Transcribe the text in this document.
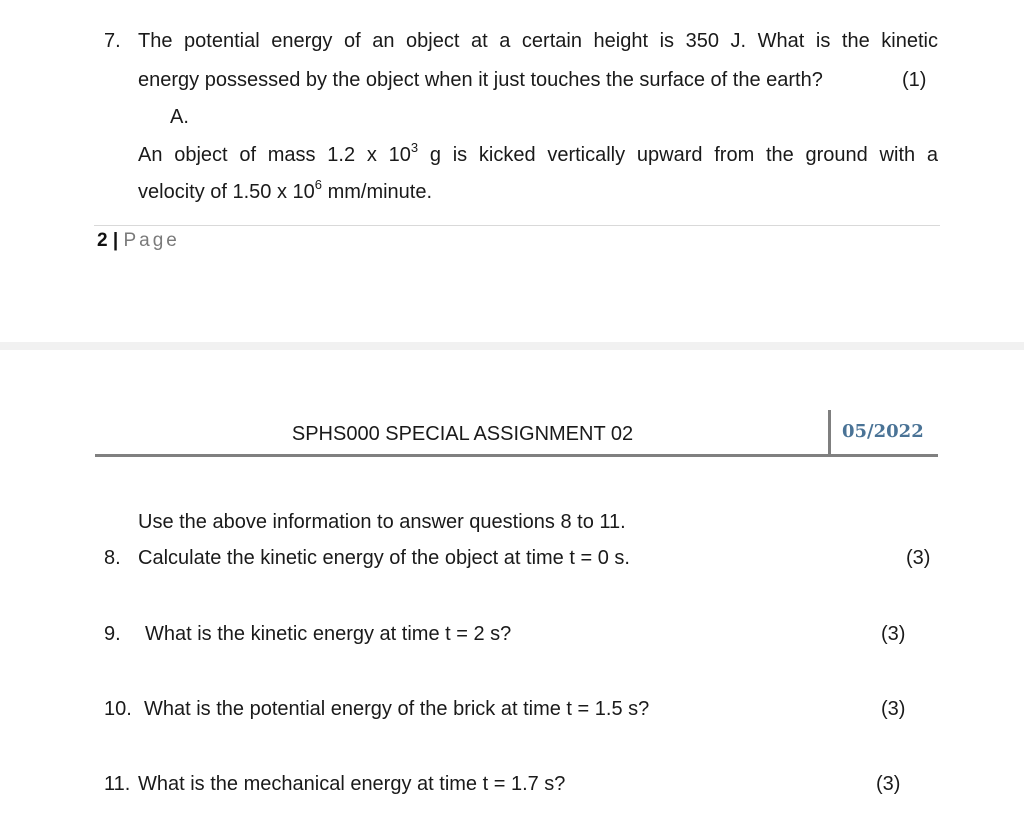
7. The potential energy of an object at a certain height is 350 J. What is the kinetic
energy possessed by the object when it just touches the surface of the earth?	(1)
A.
An object of mass 1.2 x $10^3$ g is kicked vertically upward from the ground with a
velocity of 1.50 x $10^6$ mm/minute.
2 | Page
SPHS000 SPECIAL ASSIGNMENT 02	05/2022
Use the above information to answer questions 8 to 11.
8. Calculate the kinetic energy of the object at time t = 0 s.	(3)
9. What is the kinetic energy at time t = 2 s?	(3)
10. What is the potential energy of the brick at time t = 1.5 s?	(3)
11. What is the mechanical energy at time t = 1.7 s?	(3)
